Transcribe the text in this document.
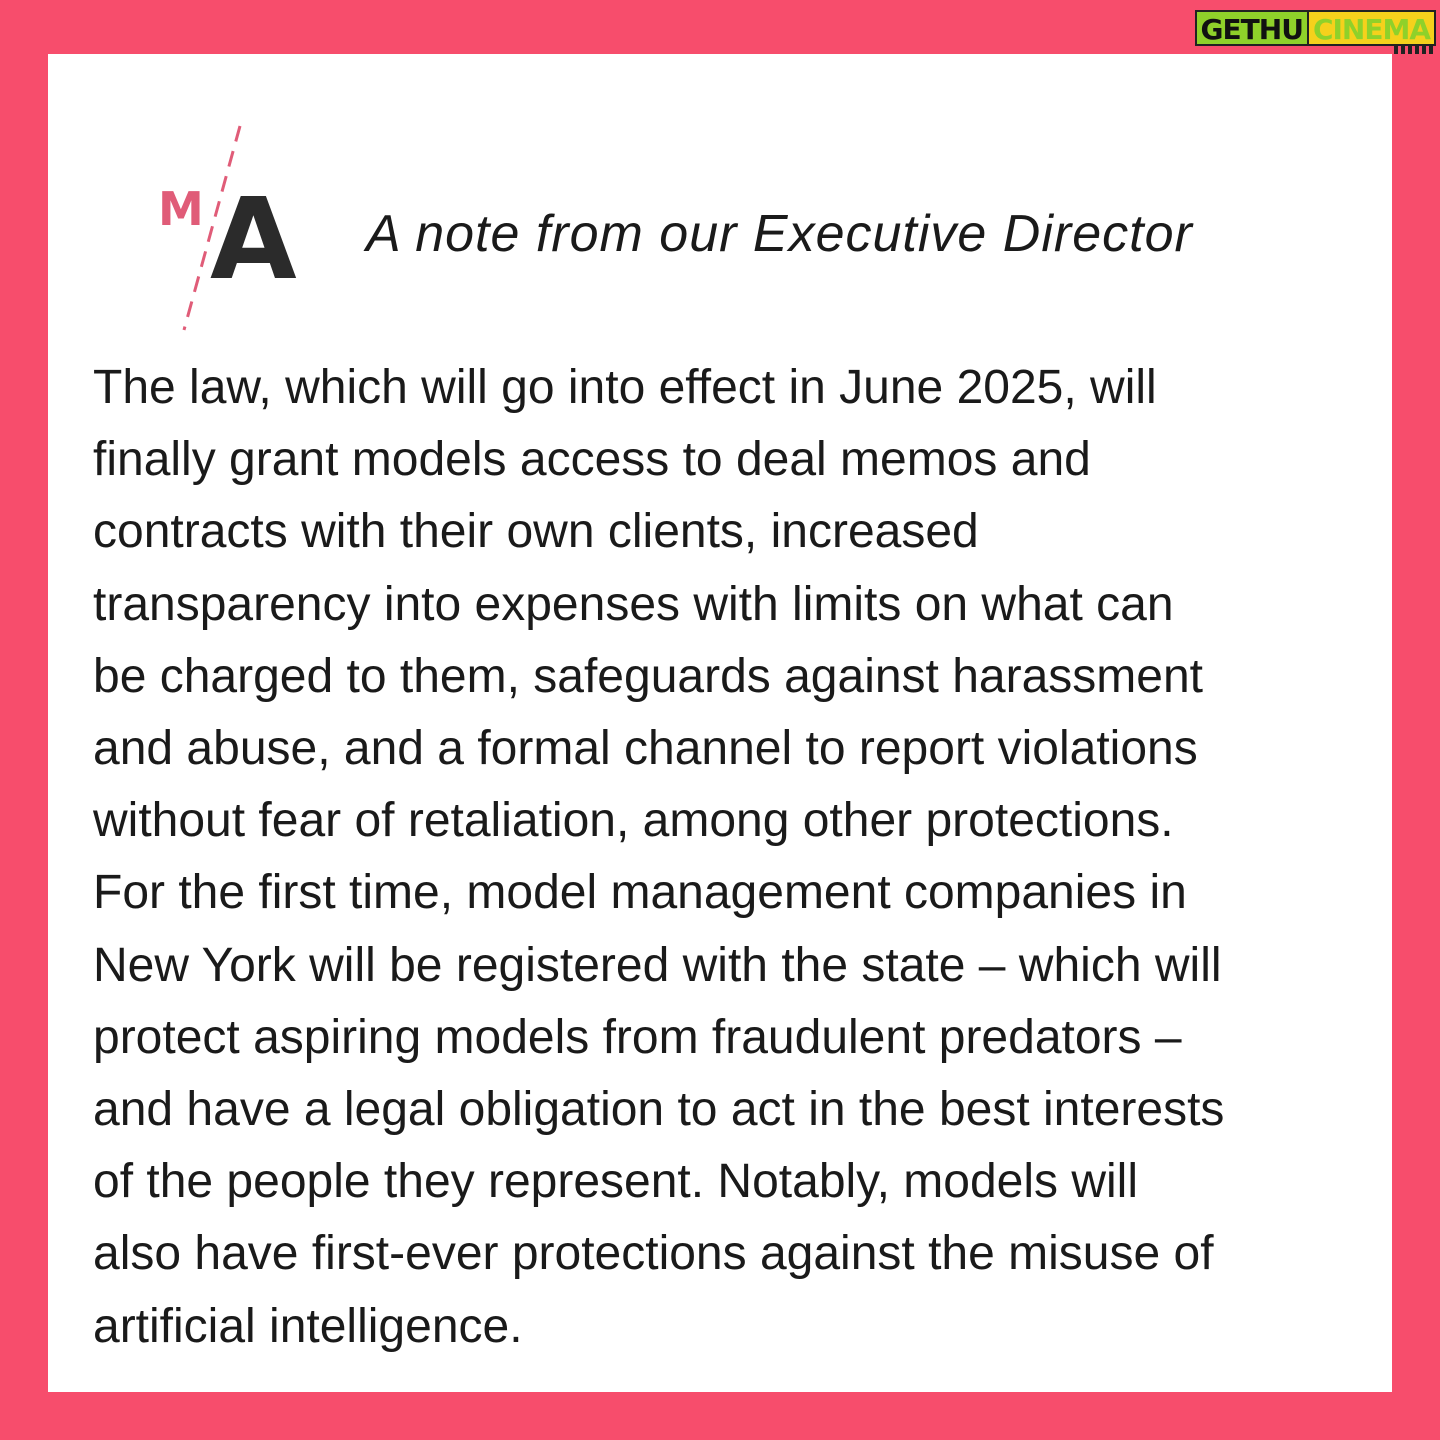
GETHU CINEMA
M A A note from our Executive Director

The law, which will go into effect in June 2025, will
finally grant models access to deal memos and
contracts with their own clients, increased
transparency into expenses with limits on what can
be charged to them, safeguards against harassment
and abuse, and a formal channel to report violations
without fear of retaliation, among other protections.
For the first time, model management companies in
New York will be registered with the state – which will
protect aspiring models from fraudulent predators –
and have a legal obligation to act in the best interests
of the people they represent. Notably, models will
also have first-ever protections against the misuse of
artificial intelligence.
